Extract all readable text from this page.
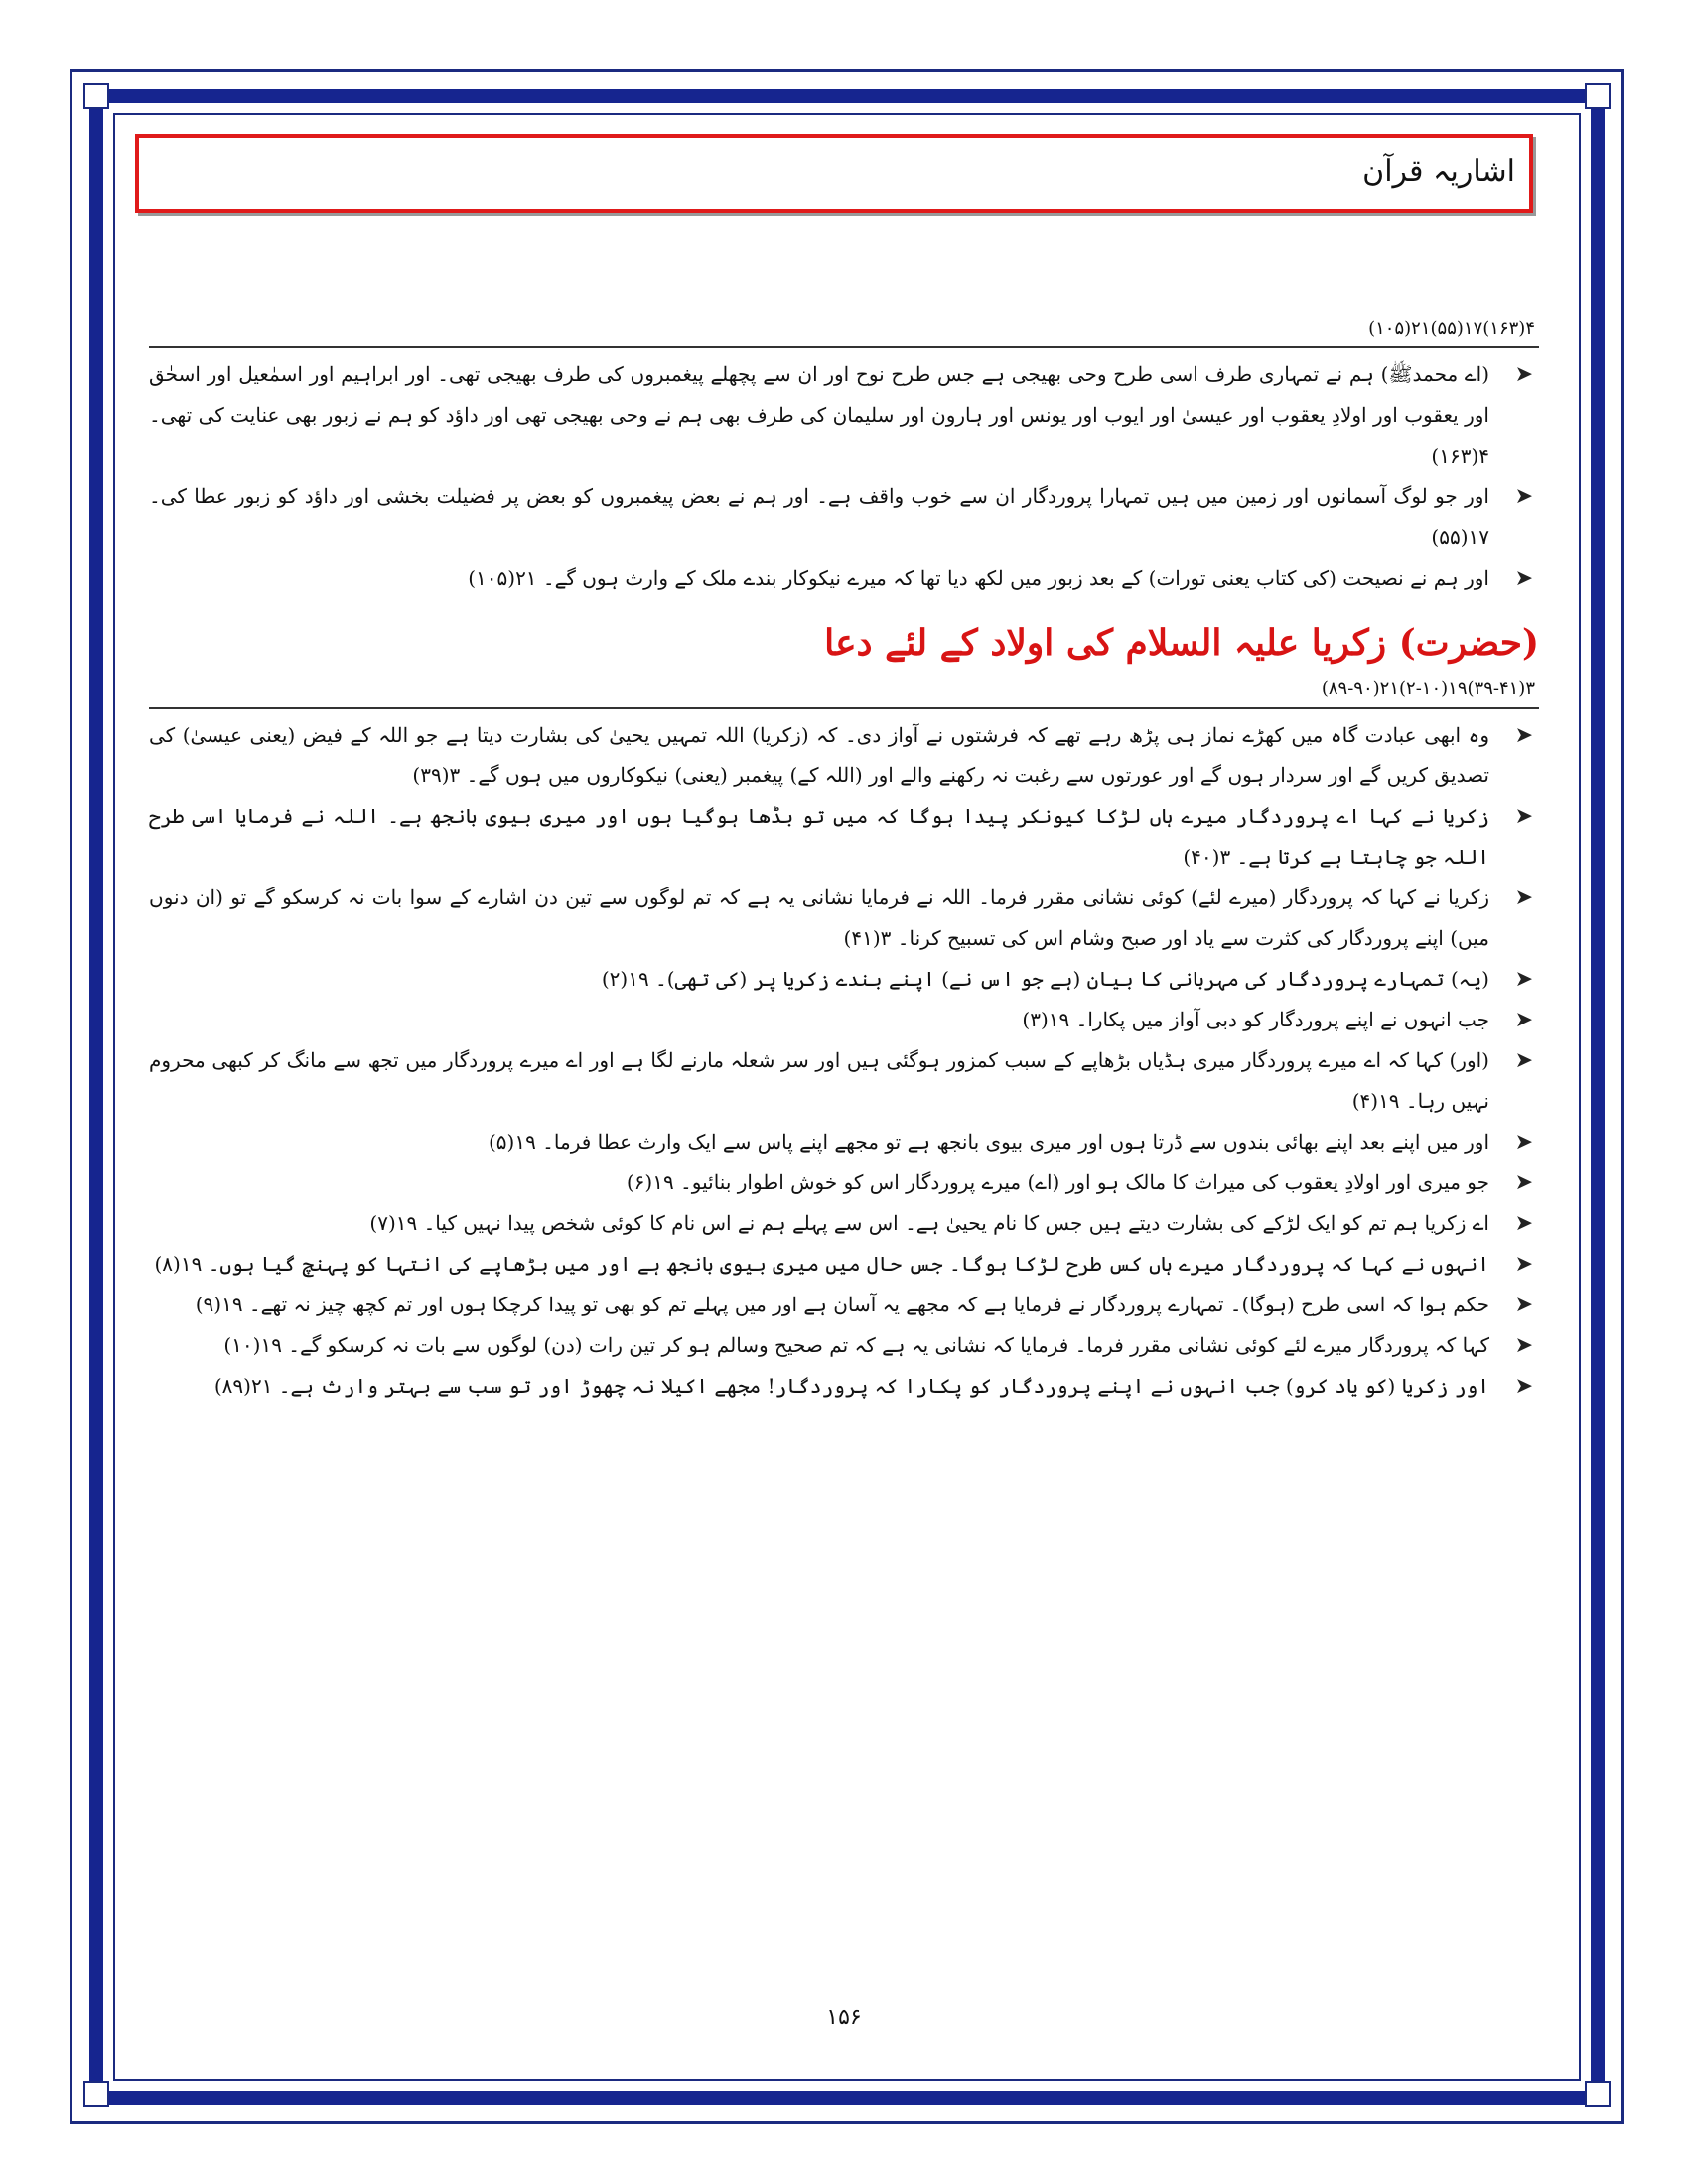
اشاریہ قرآن
۴(۱۶۳)۱۷(۵۵)۲۱(۱۰۵)
➤
(اے محمدﷺ) ہم نے تمہاری طرف اسی طرح وحی بھیجی ہے جس طرح نوح اور ان سے پچھلے پیغمبروں کی طرف بھیجی تھی۔ اور ابراہیم اور اسمٰعیل اور اسحٰق اور یعقوب اور اولادِ یعقوب اور عیسیٰ اور ایوب اور یونس اور ہارون اور سلیمان کی طرف بھی ہم نے وحی بھیجی تھی اور داؤد کو ہم نے زبور بھی عنایت کی تھی۔ ۴(۱۶۳)
➤
اور جو لوگ آسمانوں اور زمین میں ہیں تمہارا پروردگار ان سے خوب واقف ہے۔ اور ہم نے بعض پیغمبروں کو بعض پر فضیلت بخشی اور داؤد کو زبور عطا کی۔ ۱۷(۵۵)
➤
اور ہم نے نصیحت (کی کتاب یعنی تورات) کے بعد زبور میں لکھ دیا تھا کہ میرے نیکوکار بندے ملک کے وارث ہوں گے۔ ۲۱(۱۰۵)
(حضرت) زکریا علیہ السلام کی اولاد کے لئے دعا
۳(۳۹-۴۱)۱۹(۲-۱۰)۲۱(۸۹-۹۰)
➤
وہ ابھی عبادت گاہ میں کھڑے نماز ہی پڑھ رہے تھے کہ فرشتوں نے آواز دی۔ کہ (زکریا) اللہ تمہیں یحییٰ کی بشارت دیتا ہے جو اللہ کے فیض (یعنی عیسیٰ) کی تصدیق کریں گے اور سردار ہوں گے اور عورتوں سے رغبت نہ رکھنے والے اور (اللہ کے) پیغمبر (یعنی) نیکوکاروں میں ہوں گے۔ ۳(۳۹)
➤
زکریا نے کہا اے پروردگار میرے ہاں لڑکا کیونکر پیدا ہوگا کہ میں تو بڈھا ہوگیا ہوں اور میری بیوی بانجھ ہے۔ اللہ نے فرمایا اسی طرح اللہ جو چاہتا ہے کرتا ہے۔ ۳(۴۰)
➤
زکریا نے کہا کہ پروردگار (میرے لئے) کوئی نشانی مقرر فرما۔ اللہ نے فرمایا نشانی یہ ہے کہ تم لوگوں سے تین دن اشارے کے سوا بات نہ کرسکو گے تو (ان دنوں میں) اپنے پروردگار کی کثرت سے یاد اور صبح وشام اس کی تسبیح کرنا۔ ۳(۴۱)
➤
(یہ) تمہارے پروردگار کی مہربانی کا بیان (ہے جو اس نے) اپنے بندے زکریا پر (کی تھی)۔ ۱۹(۲)
➤
جب انہوں نے اپنے پروردگار کو دبی آواز میں پکارا۔ ۱۹(۳)
➤
(اور) کہا کہ اے میرے پروردگار میری ہڈیاں بڑھاپے کے سبب کمزور ہوگئی ہیں اور سر شعلہ مارنے لگا ہے اور اے میرے پروردگار میں تجھ سے مانگ کر کبھی محروم نہیں رہا۔ ۱۹(۴)
➤
اور میں اپنے بعد اپنے بھائی بندوں سے ڈرتا ہوں اور میری بیوی بانجھ ہے تو مجھے اپنے پاس سے ایک وارث عطا فرما۔ ۱۹(۵)
➤
جو میری اور اولادِ یعقوب کی میراث کا مالک ہو اور (اے) میرے پروردگار اس کو خوش اطوار بنائیو۔ ۱۹(۶)
➤
اے زکریا ہم تم کو ایک لڑکے کی بشارت دیتے ہیں جس کا نام یحییٰ ہے۔ اس سے پہلے ہم نے اس نام کا کوئی شخص پیدا نہیں کیا۔ ۱۹(۷)
➤
انہوں نے کہا کہ پروردگار میرے ہاں کس طرح لڑکا ہوگا۔ جس حال میں میری بیوی بانجھ ہے اور میں بڑھاپے کی انتہا کو پہنچ گیا ہوں۔ ۱۹(۸)
➤
حکم ہوا کہ اسی طرح (ہوگا)۔ تمہارے پروردگار نے فرمایا ہے کہ مجھے یہ آسان ہے اور میں پہلے تم کو بھی تو پیدا کرچکا ہوں اور تم کچھ چیز نہ تھے۔ ۱۹(۹)
➤
کہا کہ پروردگار میرے لئے کوئی نشانی مقرر فرما۔ فرمایا کہ نشانی یہ ہے کہ تم صحیح وسالم ہو کر تین رات (دن) لوگوں سے بات نہ کرسکو گے۔ ۱۹(۱۰)
➤
اور زکریا (کو یاد کرو) جب انہوں نے اپنے پروردگار کو پکارا کہ پروردگار! مجھے اکیلا نہ چھوڑ اور تو سب سے بہتر وارث ہے۔ ۲۱(۸۹)
۱۵۶
